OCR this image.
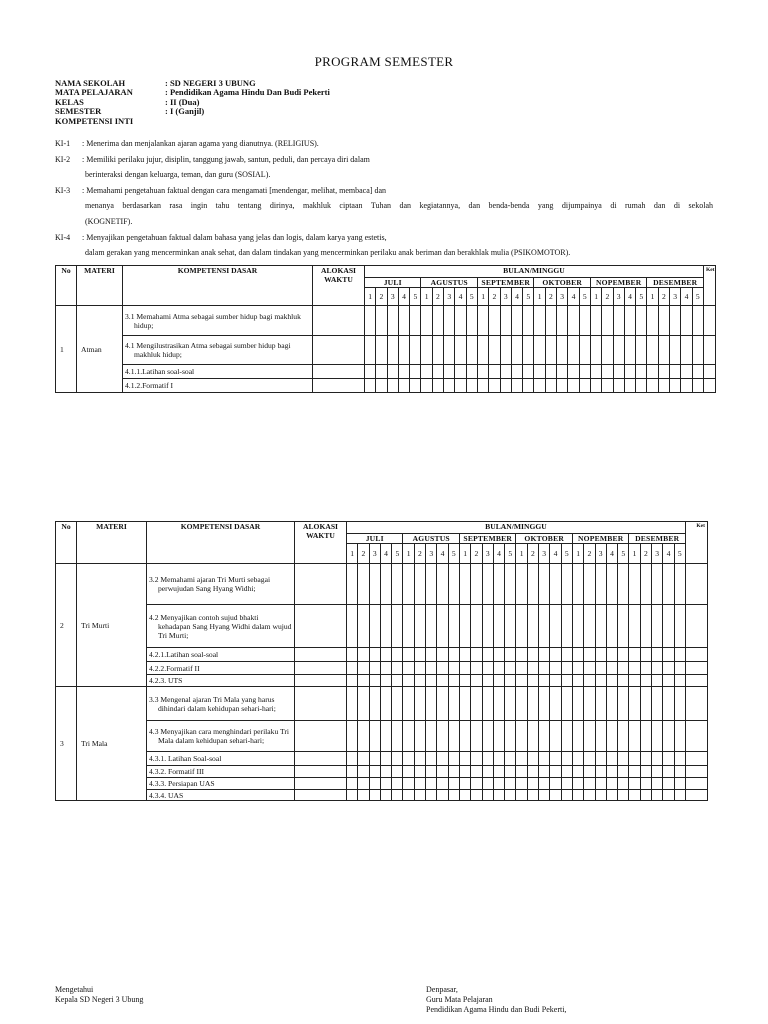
PROGRAM SEMESTER
NAMA SEKOLAH	: SD NEGERI 3 UBUNG
MATA PELAJARAN	: Pendidikan Agama Hindu Dan Budi Pekerti
KELAS	: II (Dua)
SEMESTER	: I (Ganjil)
KOMPETENSI INTI
KI-1	: Menerima dan menjalankan ajaran agama yang dianutnya. (RELIGIUS).
KI-2	: Memiliki perilaku jujur, disiplin, tanggung jawab, santun, peduli, dan percaya diri dalam
berinteraksi dengan keluarga, teman, dan guru (SOSIAL).
KI-3	: Memahami pengetahuan faktual dengan cara mengamati [mendengar, melihat, membaca] dan
menanya berdasarkan rasa ingin tahu tentang dirinya, makhluk ciptaan Tuhan dan kegiatannya, dan benda-benda yang dijumpainya di rumah dan di sekolah
(KOGNETIF).
KI-4	: Menyajikan pengetahuan faktual dalam bahasa yang jelas dan logis, dalam karya yang estetis,
dalam gerakan yang mencerminkan anak sehat, dan dalam tindakan yang mencerminkan perilaku anak beriman dan berakhlak mulia (PSIKOMOTOR).
No	MATERI	KOMPETENSI DASAR	ALOKASI WAKTU	BULAN/MINGGU																														Ket
				JULI					AGUSTUS					SEPTEMBER					OKTOBER					NOPEMBER					DESEMBER					
				1	2	3	4	5	1	2	3	4	5	1	2	3	4	5	1	2	3	4	5	1	2	3	4	5	1	2	3	4	5	
1	Atman	3.1 Memahami Atma sebagai sumber hidup bagi makhluk hidup;																																

		4.1 Mengilustrasikan Atma sebagai sumber hidup bagi makhluk hidup;																																

		4.1.1.Latihan soal-soal																																

		4.1.2.Formatif I																																

No	MATERI	KOMPETENSI DASAR	ALOKASI WAKTU	BULAN/MINGGU																														Ket
				JULI					AGUSTUS					SEPTEMBER					OKTOBER					NOPEMBER					DESEMBER					
				1	2	3	4	5	1	2	3	4	5	1	2	3	4	5	1	2	3	4	5	1	2	3	4	5	1	2	3	4	5	
2	Tri Murti	3.2 Memahami ajaran Tri Murti sebagai perwujudan Sang Hyang Widhi;																																

		4.2 Menyajikan contoh sujud bhakti kehadapan Sang Hyang Widhi dalam wujud Tri Murti;																																

		4.2.1.Latihan soal-soal																																

		4.2.2.Formatif II																																

		4.2.3. UTS																																

3	Tri Mala	3.3 Mengenal ajaran Tri Mala yang harus dihindari dalam kehidupan sehari-hari;																																

		4.3 Menyajikan cara menghindari perilaku Tri Mala dalam kehidupan sehari-hari;																																

		4.3.1. Latihan Soal-soal																																

		4.3.2. Formatif III																																

		4.3.3. Persiapan UAS																																

		4.3.4. UAS																																

Mengetahui
Kepala SD Negeri 3 Ubung
Denpasar,
Guru Mata Pelajaran
Pendidikan Agama Hindu dan Budi Pekerti,
